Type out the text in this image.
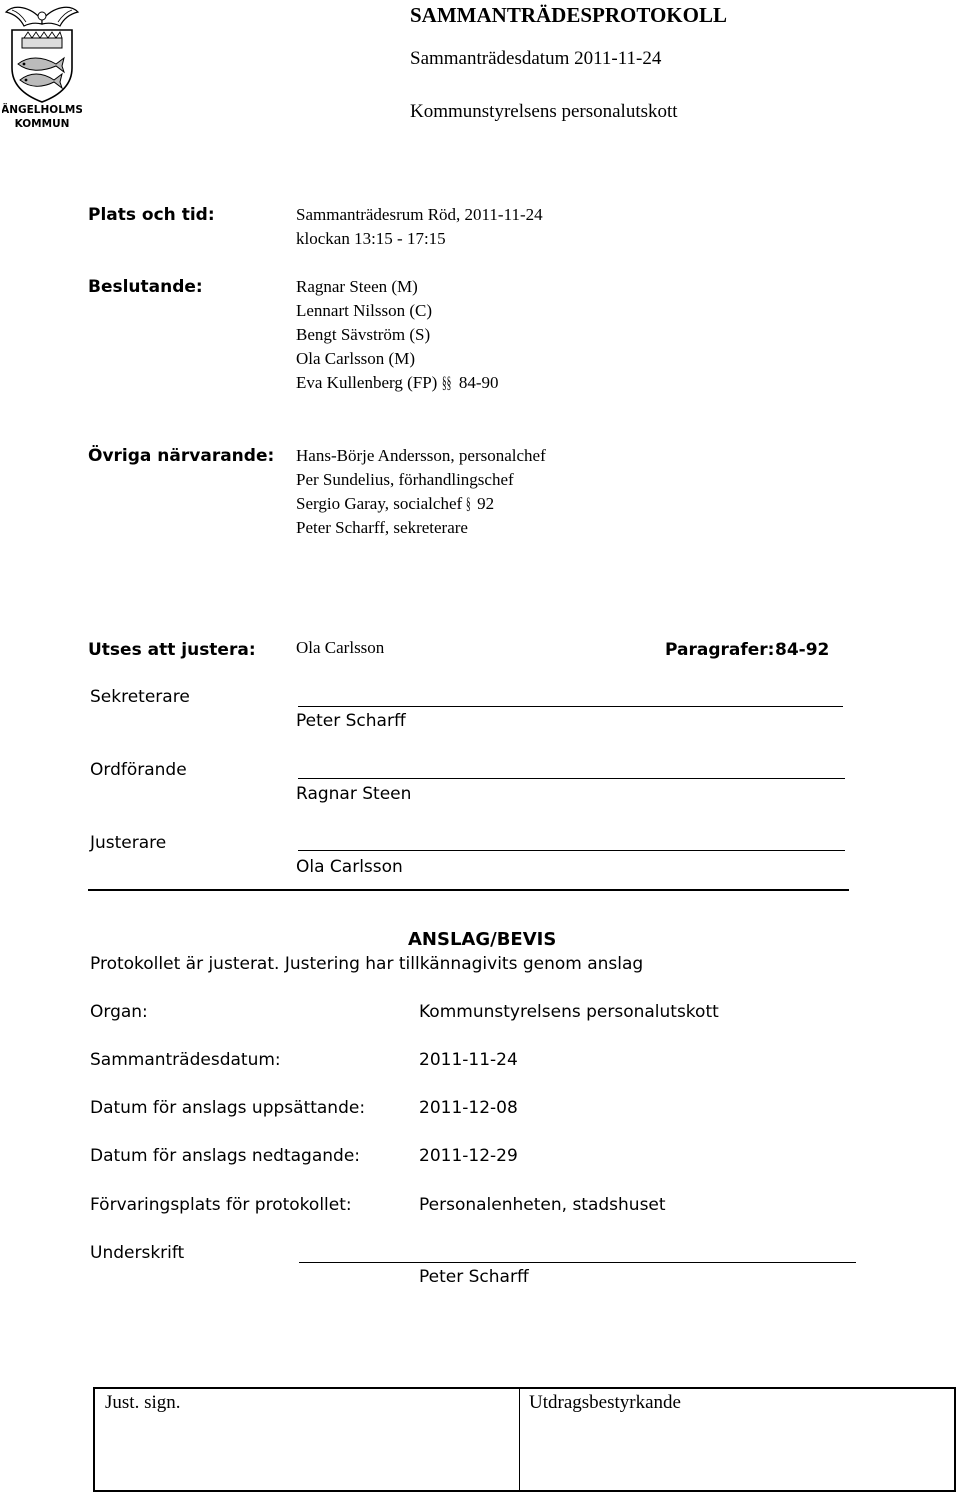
ÄNGELHOLMS
KOMMUN
SAMMANTRÄDESPROTOKOLL
Sammanträdesdatum 2011-11-24
Kommunstyrelsens personalutskott
Plats och tid:	Sammanträdesrum Röd, 2011-11-24
klockan 13:15 - 17:15
Beslutande:	Ragnar Steen (M)
Lennart Nilsson (C)
Bengt Sävström (S)
Ola Carlsson (M)
Eva Kullenberg (FP) §§ 84-90
Övriga närvarande: Hans-Börje Andersson, personalchef
Per Sundelius, förhandlingschef
Sergio Garay, socialchef § 92
Peter Scharff, sekreterare
Utses att justera: Ola Carlsson	Paragrafer: 84-92
Sekreterare
Peter Scharff
Ordförande
Ragnar Steen
Justerare
Ola Carlsson
ANSLAG/BEVIS
Protokollet är justerat. Justering har tillkännagivits genom anslag
Organ:	Kommunstyrelsens personalutskott
Sammanträdesdatum:	2011-11-24
Datum för anslags uppsättande:	2011-12-08
Datum för anslags nedtagande:	2011-12-29
Förvaringsplats för protokollet:	Personalenheten, stadshuset
Underskrift
Peter Scharff
Just. sign.	Utdragsbestyrkande
